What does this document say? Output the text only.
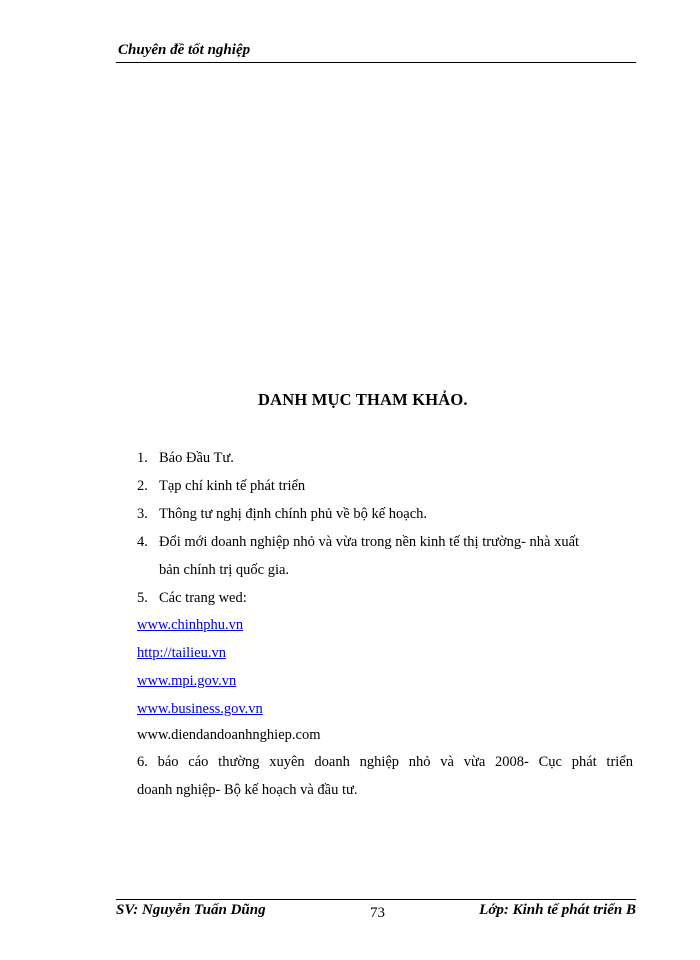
Chuyên đề tốt nghiệp
DANH MỤC THAM KHẢO.
1. Báo Đầu Tư.
2. Tạp chí kinh tế phát triển
3. Thông tư nghị định chính phủ về bộ kế hoạch.
4. Đổi mới doanh nghiệp nhỏ và vừa trong nền kinh tế thị trường- nhà xuất
bản chính trị quốc gia.
5. Các trang wed:
www.chinhphu.vn
http://tailieu.vn
www.mpi.gov.vn
www.business.gov.vn
www.diendandoanhnghiep.com
6. báo cáo thường xuyên doanh nghiệp nhỏ và vừa 2008- Cục phát triển
doanh nghiệp- Bộ kế hoạch và đầu tư.
SV: Nguyễn Tuấn Dũng	73	Lớp: Kinh tế phát triển B
